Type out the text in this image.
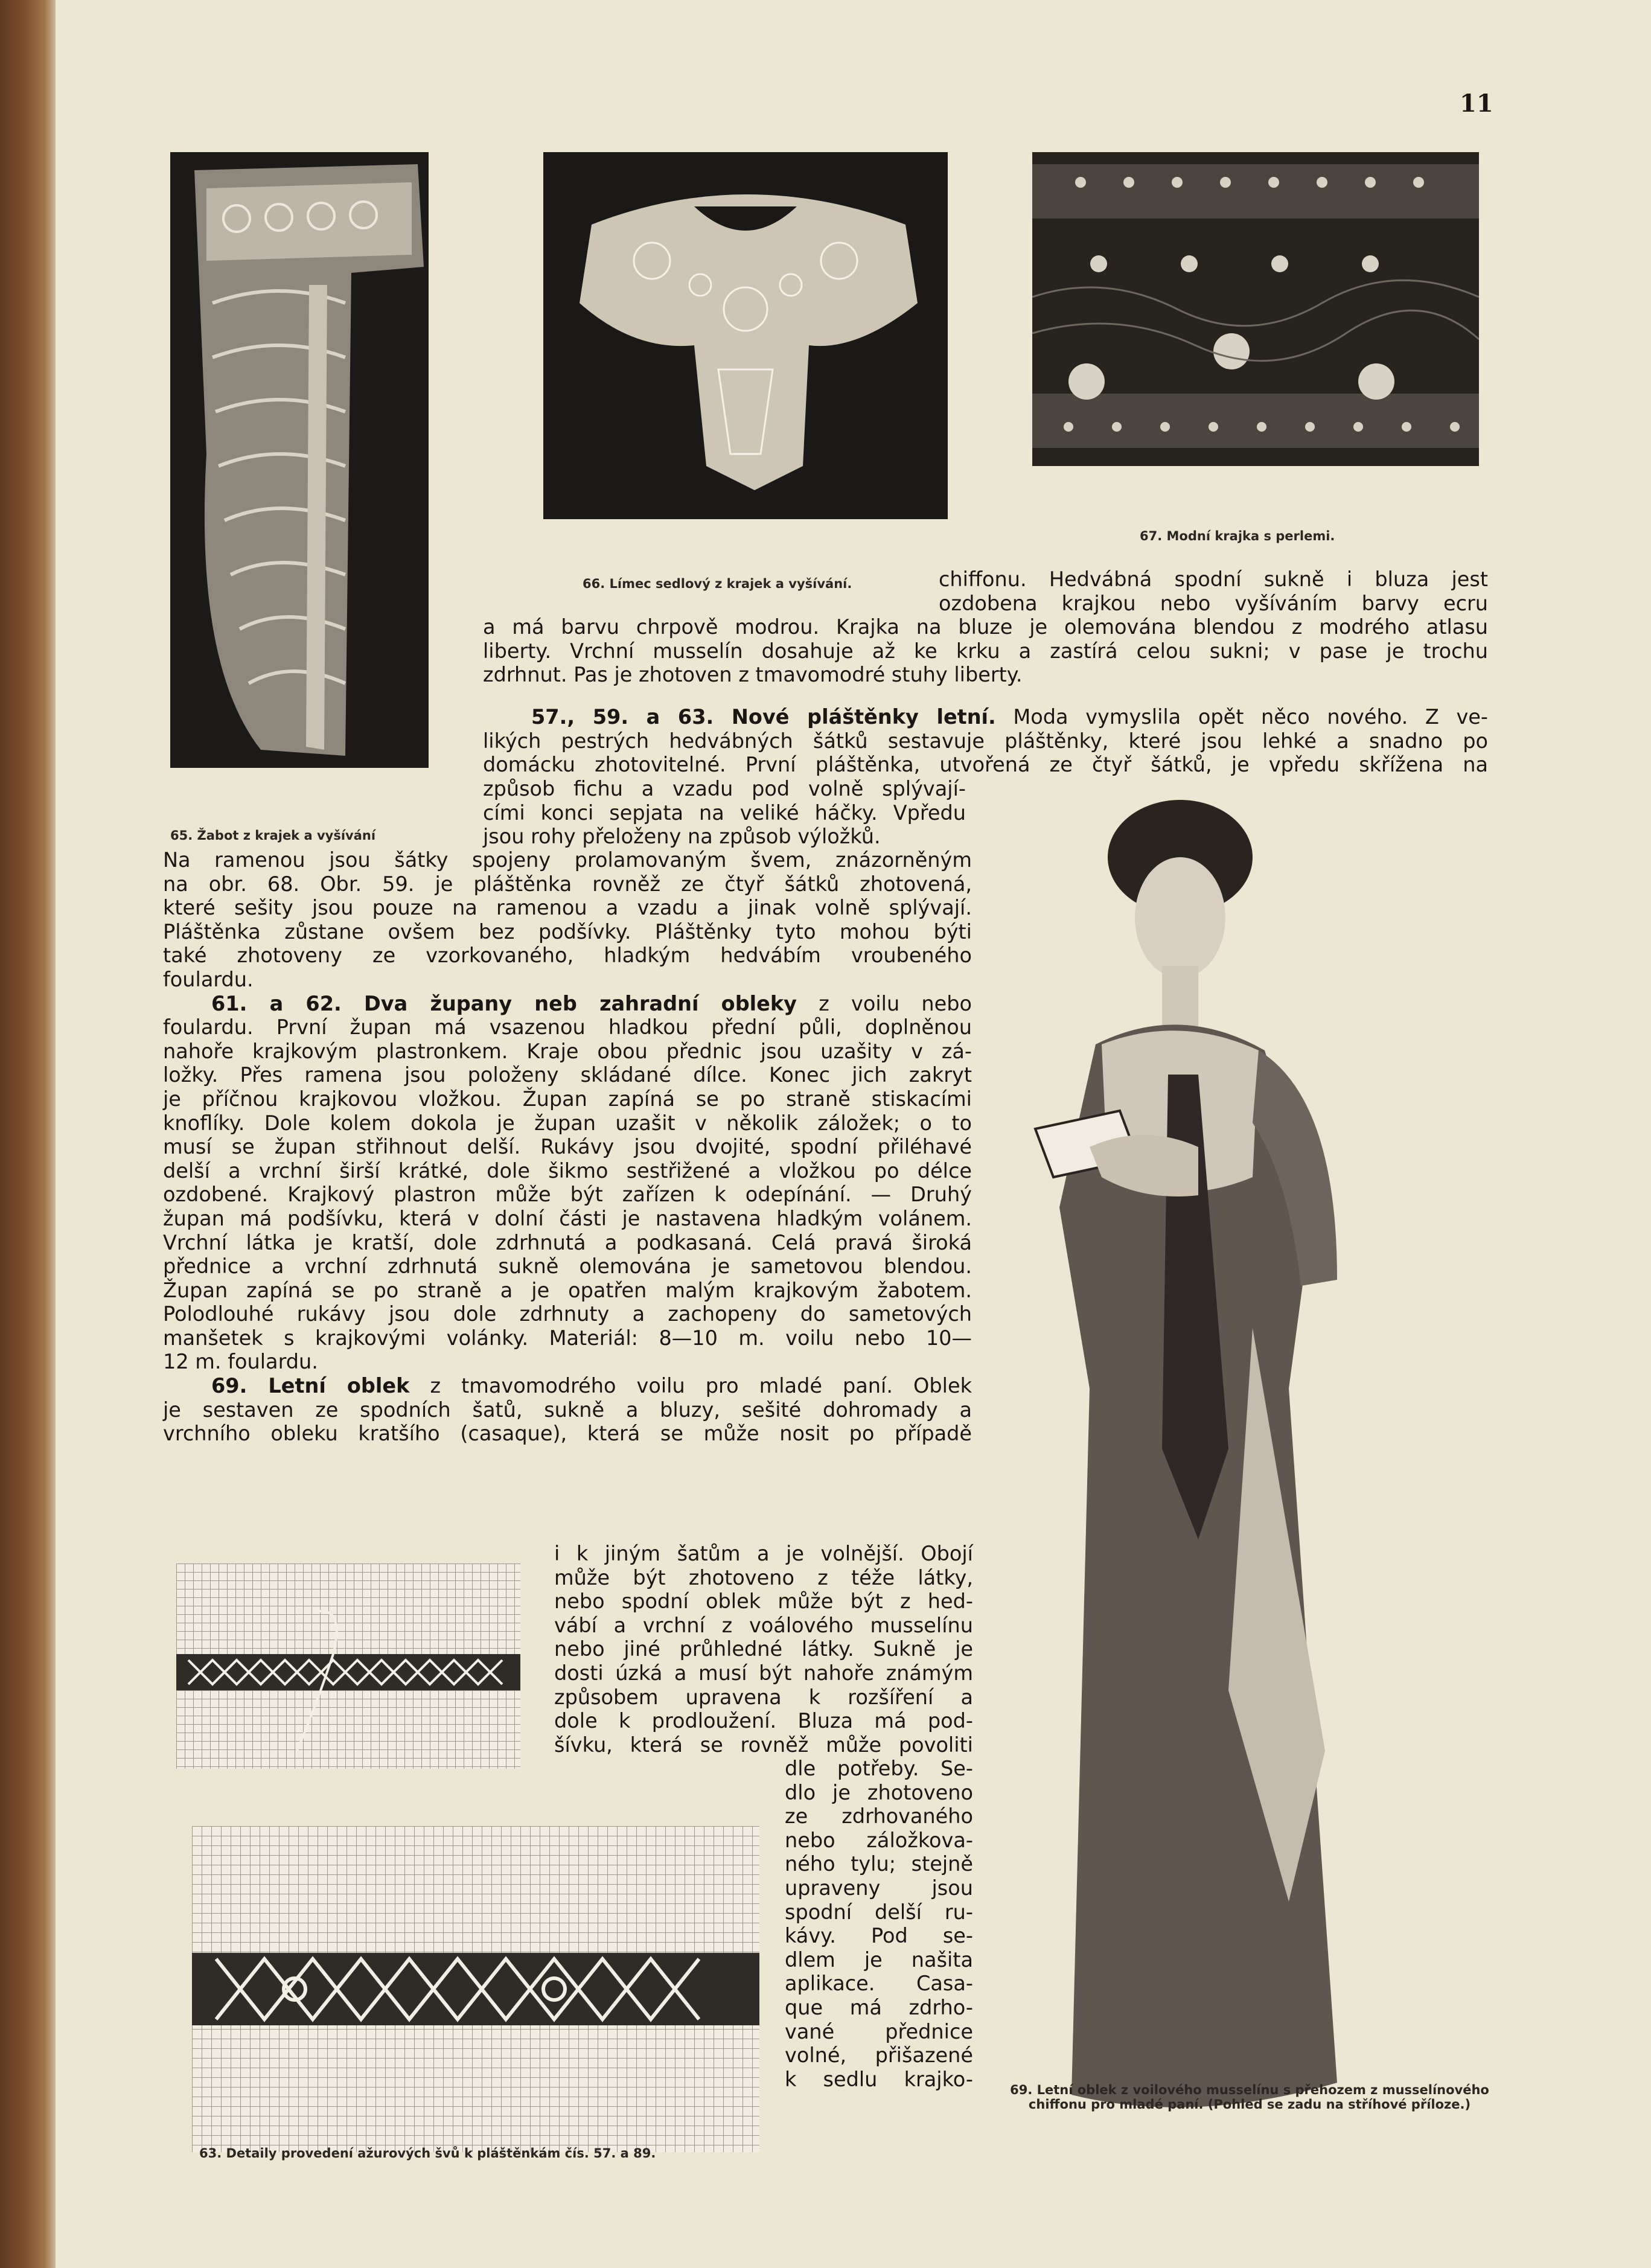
11
65. Žabot z krajek a vyšívání
66. Límec sedlový z krajek a vyšívání.
67. Modní krajka s perlemi.
69. Letní oblek z voilového musselínu s přehozem z musselínového chiffonu pro mladé paní. (Pohled se zadu na stříhové příloze.)
63. Detaily provedení ažurových švů k pláštěnkám čís. 57. a 89.
chiffonu. Hedvábná spodní sukně i bluza jest
ozdobena krajkou nebo vyšíváním barvy ecru
a má barvu chrpově modrou. Krajka na bluze je olemována blendou z modrého atlasu
liberty. Vrchní musselín dosahuje až ke krku a zastírá celou sukni; v pase je trochu
zdrhnut. Pas je zhotoven z tmavomodré stuhy liberty.
57., 59. a 63. Nové pláštěnky letní. Moda vymyslila opět něco nového. Z ve-
likých pestrých hedvábných šátků sestavuje pláštěnky, které jsou lehké a snadno po
domácku zhotovitelné. První pláštěnka, utvořená ze čtyř šátků, je vpředu skřížena na
způsob fichu a vzadu pod volně splývají-
cími konci sepjata na veliké háčky. Vpředu
jsou rohy přeloženy na způsob výložků.
Na ramenou jsou šátky spojeny prolamovaným švem, znázorněným
na obr. 68. Obr. 59. je pláštěnka rovněž ze čtyř šátků zhotovená,
které sešity jsou pouze na ramenou a vzadu a jinak volně splývají.
Pláštěnka zůstane ovšem bez podšívky. Pláštěnky tyto mohou býti
také zhotoveny ze vzorkovaného, hladkým hedvábím vroubeného
foulardu.
61. a 62. Dva župany neb zahradní obleky z voilu nebo
foulardu. První župan má vsazenou hladkou přední půli, doplněnou
nahoře krajkovým plastronkem. Kraje obou přednic jsou uzašity v zá-
ložky. Přes ramena jsou položeny skládané dílce. Konec jich zakryt
je příčnou krajkovou vložkou. Župan zapíná se po straně stiskacími
knoflíky. Dole kolem dokola je župan uzašit v několik záložek; o to
musí se župan střihnout delší. Rukávy jsou dvojité, spodní přiléhavé
delší a vrchní širší krátké, dole šikmo sestřižené a vložkou po délce
ozdobené. Krajkový plastron může být zařízen k odepínání. — Druhý
župan má podšívku, která v dolní části je nastavena hladkým volánem.
Vrchní látka je kratší, dole zdrhnutá a podkasaná. Celá pravá široká
přednice a vrchní zdrhnutá sukně olemována je sametovou blendou.
Župan zapíná se po straně a je opatřen malým krajkovým žabotem.
Polodlouhé rukávy jsou dole zdrhnuty a zachopeny do sametových
manšetek s krajkovými volánky. Materiál: 8—10 m. voilu nebo 10—
12 m. foulardu.
69. Letní oblek z tmavomodrého voilu pro mladé paní. Oblek
je sestaven ze spodních šatů, sukně a bluzy, sešité dohromady a
vrchního obleku kratšího (casaque), která se může nosit po případě
i k jiným šatům a je volnější. Obojí
může být zhotoveno z téže látky,
nebo spodní oblek může být z hed-
vábí a vrchní z voálového musselínu
nebo jiné průhledné látky. Sukně je
dosti úzká a musí být nahoře známým
způsobem upravena k rozšíření a
dole k prodloužení. Bluza má pod-
šívku, která se rovněž může povoliti
dle potřeby. Se-
dlo je zhotoveno
ze zdrhovaného
nebo záložkova-
ného tylu; stejně
upraveny jsou
spodní delší ru-
kávy. Pod se-
dlem je našita
aplikace. Casa-
que má zdrho-
vané přednice
volné, přišazené
k sedlu krajko-
